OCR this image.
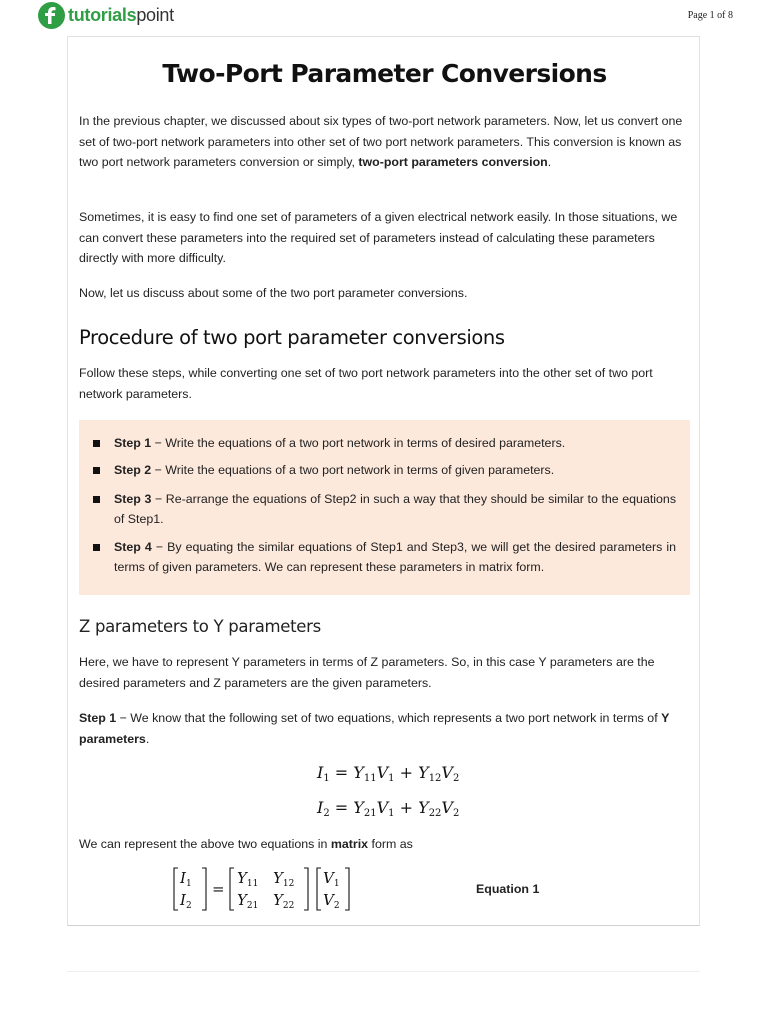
tutorialspoint	Page 1 of 8
Two-Port Parameter Conversions

In the previous chapter, we discussed about six types of two-port network parameters. Now, let us convert one set of two-port network parameters into other set of two port network parameters. This conversion is known as two port network parameters conversion or simply, two-port parameters conversion.

Sometimes, it is easy to find one set of parameters of a given electrical network easily. In those situations, we can convert these parameters into the required set of parameters instead of calculating these parameters directly with more difficulty.

Now, let us discuss about some of the two port parameter conversions.

Procedure of two port parameter conversions

Follow these steps, while converting one set of two port network parameters into the other set of two port network parameters.

Step 1 − Write the equations of a two port network in terms of desired parameters.
Step 2 − Write the equations of a two port network in terms of given parameters.
Step 3 − Re-arrange the equations of Step2 in such a way that they should be similar to the equations of Step1.
Step 4 − By equating the similar equations of Step1 and Step3, we will get the desired parameters in terms of given parameters. We can represent these parameters in matrix form.
Z parameters to Y parameters

Here, we have to represent Y parameters in terms of Z parameters. So, in this case Y parameters are the desired parameters and Z parameters are the given parameters.

Step 1 − We know that the following set of two equations, which represents a two port network in terms of Y parameters.

$I_1 = Y_{11}V_1 + Y_{12}V_2$
$I_2 = Y_{21}V_1 + Y_{22}V_2$

We can represent the above two equations in matrix form as

$I_1$
$I_2$
=
$Y_{11}$ $Y_{12}$
$Y_{21}$ $Y_{22}$
$V_1$
$V_2$
Equation 1
